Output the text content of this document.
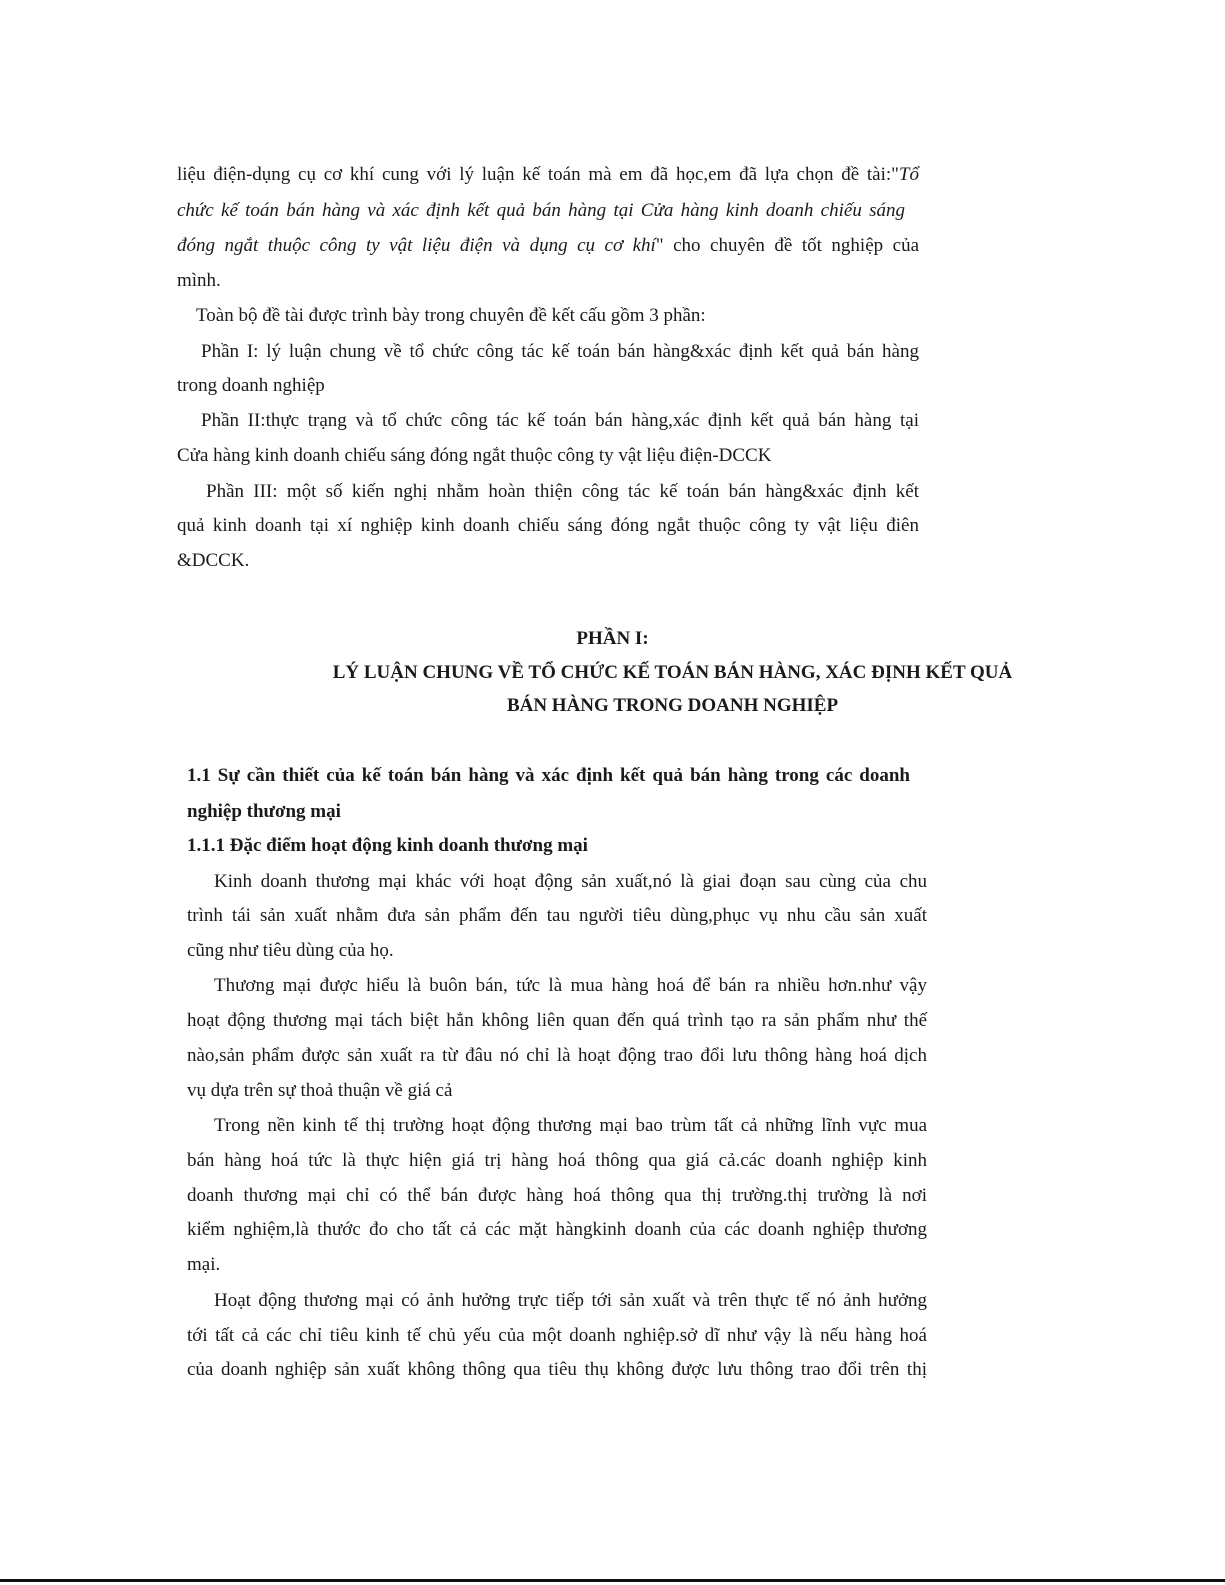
liệu điện-dụng cụ cơ khí cung với lý luận kế toán mà em đã học,em đã lựa chọn đề tài:"Tổ
chức kế toán bán hàng và xác định kết quả bán hàng tại Cửa hàng kinh doanh chiếu sáng
đóng ngắt thuộc công ty vật liệu điện và dụng cụ cơ khí" cho chuyên đề tốt nghiệp của
mình.
Toàn bộ đề tài được trình bày trong chuyên đề kết cấu gồm 3 phần:
Phần I: lý luận chung về tổ chức công tác kế toán bán hàng&xác định kết quả bán hàng
trong doanh nghiệp
Phần II:thực trạng và tổ chức công tác kế toán bán hàng,xác định kết quả bán hàng tại
Cửa hàng kinh doanh chiếu sáng đóng ngắt thuộc công ty vật liệu điện-DCCK
Phần III: một số kiến nghị nhằm hoàn thiện công tác kế toán bán hàng&xác định kết
quả kinh doanh tại xí nghiệp kinh doanh chiếu sáng đóng ngắt thuộc công ty vật liệu điên
&DCCK.
PHẦN I:
LÝ LUẬN CHUNG VỀ TỔ CHỨC KẾ TOÁN BÁN HÀNG, XÁC ĐỊNH KẾT QUẢ
BÁN HÀNG TRONG DOANH NGHIỆP
1.1 Sự cần thiết của kế toán bán hàng và xác định kết quả bán hàng trong các doanh
nghiệp thương mại
1.1.1 Đặc điểm hoạt động kinh doanh thương mại
Kinh doanh thương mại khác với hoạt động sản xuất,nó là giai đoạn sau cùng của chu
trình tái sản xuất nhằm đưa sản phẩm đến tau người tiêu dùng,phục vụ nhu cầu sản xuất
cũng như tiêu dùng của họ.
Thương mại được hiểu là buôn bán, tức là mua hàng hoá để bán ra nhiều hơn.như vậy
hoạt động thương mại tách biệt hẳn không liên quan đến quá trình tạo ra sản phẩm như thế
nào,sản phẩm được sản xuất ra từ đâu nó chỉ là hoạt động trao đổi lưu thông hàng hoá dịch
vụ dựa trên sự thoả thuận về giá cả
Trong nền kinh tế thị trường hoạt động thương mại bao trùm tất cả những lĩnh vực mua
bán hàng hoá tức là thực hiện giá trị hàng hoá thông qua giá cả.các doanh nghiệp kinh
doanh thương mại chỉ có thể bán được hàng hoá thông qua thị trường.thị trường là nơi
kiểm nghiệm,là thước đo cho tất cả các mặt hàngkinh doanh của các doanh nghiệp thương
mại.
Hoạt động thương mại có ảnh hưởng trực tiếp tới sản xuất và trên thực tế nó ảnh hưởng
tới tất cả các chỉ tiêu kinh tế chủ yếu của một doanh nghiệp.sở dĩ như vậy là nếu hàng hoá
của doanh nghiệp sản xuất không thông qua tiêu thụ không được lưu thông trao đổi trên thị
